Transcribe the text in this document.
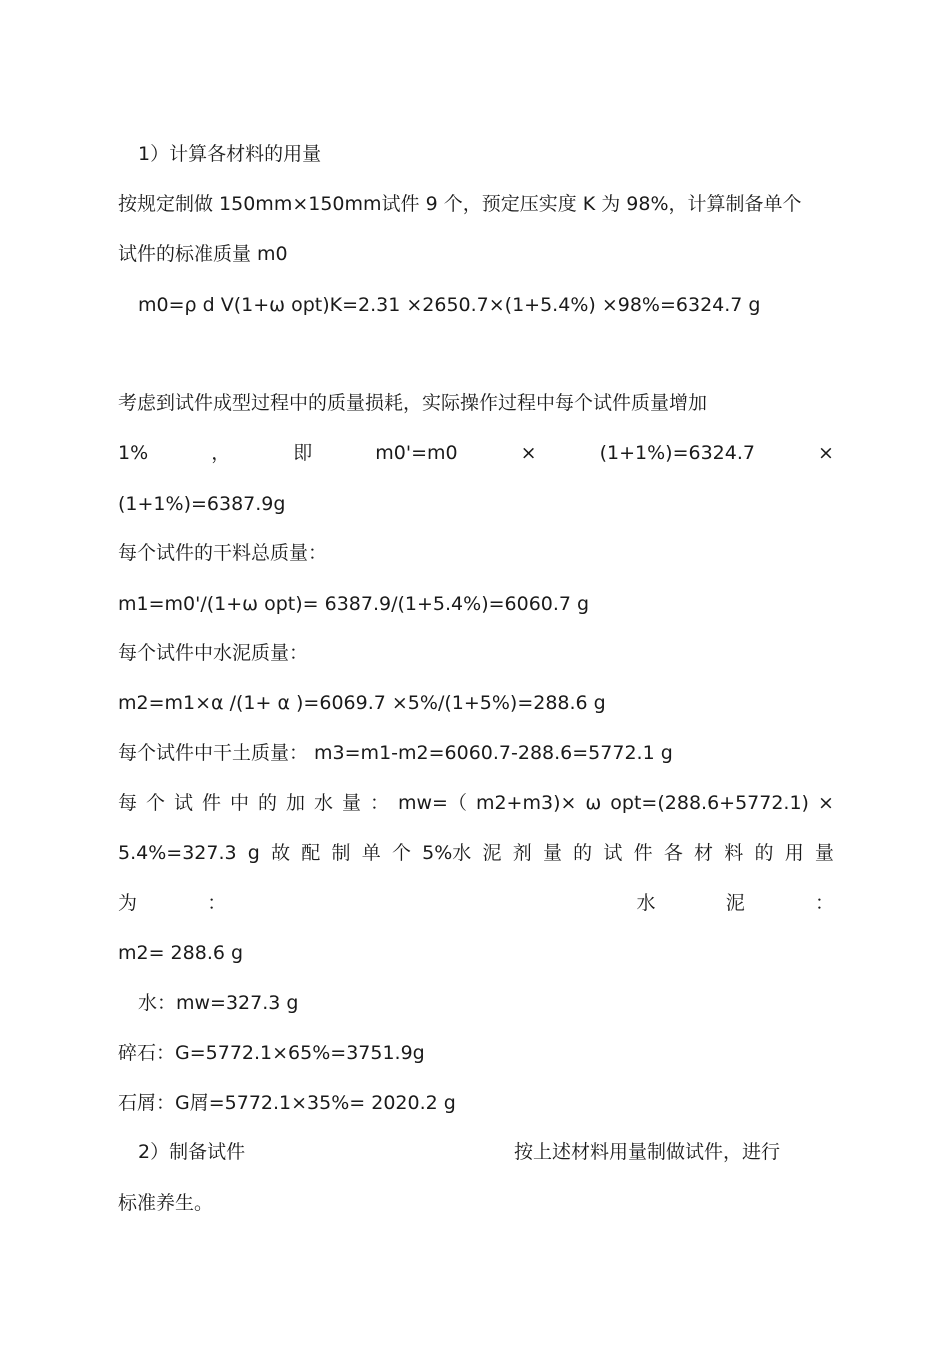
1）计算各材料的用量
按规定制做 150mm×150mm试件 9 个，预定压实度 K 为 98%，计算制备单个
试件的标准质量 m0
m0=ρ d V(1+ω opt)K=2.31 ×2650.7×(1+5.4%) ×98%=6324.7 g
考虑到试件成型过程中的质量损耗，实际操作过程中每个试件质量增加
1%	，	即	m0'=m0	×	(1+1%)=6324.7	×
(1+1%)=6387.9g
每个试件的干料总质量：
m1=m0'/(1+ω opt)= 6387.9/(1+5.4%)=6060.7 g
每个试件中水泥质量：
m2=m1×α /(1+ α )=6069.7 ×5%/(1+5%)=288.6 g
每个试件中干土质量： m3=m1-m2=6060.7-288.6=5772.1 g
每 个 试 件 中 的 加 水 量 ： mw=（ m2+m3)× ω opt=(288.6+5772.1) ×
5.4%=327.3 g 故 配 制 单 个 5%水 泥 剂 量 的 试 件 各 材 料 的 用 量
为	：	水	泥	：
m2= 288.6 g
水：mw=327.3 g
碎石：G=5772.1×65%=3751.9g
石屑：G屑=5772.1×35%= 2020.2 g
2）制备试件	按上述材料用量制做试件，进行
标准养生。
